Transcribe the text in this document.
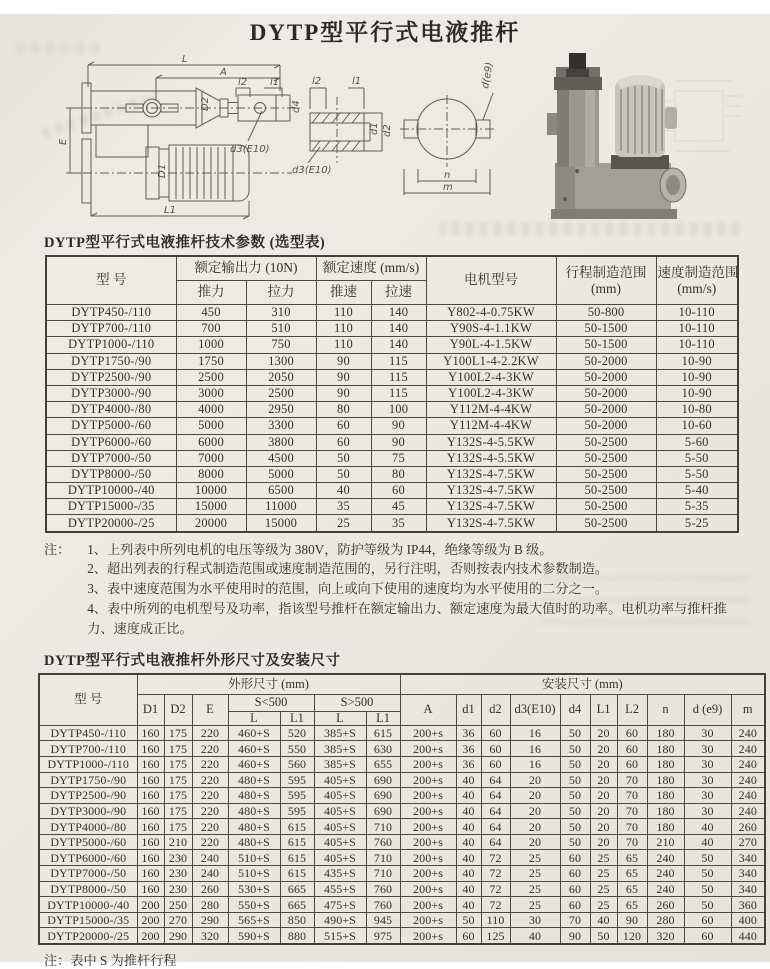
DYTP型平行式电液推杆
L
A
l2 l1
D2	d4
d3(E10)
E
D1
L1
l2	l1
d1 d2
d3(E10)
d(e9)
n
m
DYTP型平行式电液推杆技术参数 (选型表)
型 号	额定输出力 (10N)	额定速度 (mm/s)	电机型号	行程制造范围
(mm)

速度制造范围
(mm/s)

	推力	拉力	推速	拉速			
DYTP450-/110	450	310	110	140	Y802-4-0.75KW	50-800	10-110
DYTP700-/110	700	510	110	140	Y90S-4-1.1KW	50-1500	10-110
DYTP1000-/110	1000	750	110	140	Y90L-4-1.5KW	50-1500	10-110
DYTP1750-/90	1750	1300	90	115	Y100L1-4-2.2KW	50-2000	10-90
DYTP2500-/90	2500	2050	90	115	Y100L2-4-3KW	50-2000	10-90
DYTP3000-/90	3000	2500	90	115	Y100L2-4-3KW	50-2000	10-90
DYTP4000-/80	4000	2950	80	100	Y112M-4-4KW	50-2000	10-80
DYTP5000-/60	5000	3300	60	90	Y112M-4-4KW	50-2000	10-60
DYTP6000-/60	6000	3800	60	90	Y132S-4-5.5KW	50-2500	5-60
DYTP7000-/50	7000	4500	50	75	Y132S-4-5.5KW	50-2500	5-50
DYTP8000-/50	8000	5000	50	80	Y132S-4-7.5KW	50-2500	5-50
DYTP10000-/40	10000	6500	40	60	Y132S-4-7.5KW	50-2500	5-40
DYTP15000-/35	15000	11000	35	45	Y132S-4-7.5KW	50-2500	5-35
DYTP20000-/25	20000	15000	25	35	Y132S-4-7.5KW	50-2500	5-25
注：	1、上列表中所列电机的电压等级为 380V，防护等级为 IP44，绝缘等级为 B 级。
2、超出列表的行程式制造范围或速度制造范围的，另行注明，否则按表内技术参数制造。
3、表中速度范围为水平使用时的范围，向上或向下使用的速度均为水平使用的二分之一。
4、表中所列的电机型号及功率，指该型号推杆在额定输出力、额定速度为最大值时的功率。电机功率与推杆推力、速度成正比。
DYTP型平行式电液推杆外形尺寸及安装尺寸
型 号	外形尺寸 (mm)							安装尺寸 (mm)									
	D1	D2	E	S<500		S>500		A	d1	d2	d3(E10)	d4	L1	L2	n	d (e9)	m
				L	L1	L	L1										
DYTP450-/110	160	175	220	460+S	520	385+S	615	200+s	36	60	16	50	20	60	180	30	240
DYTP700-/110	160	175	220	460+S	550	385+S	630	200+s	36	60	16	50	20	60	180	30	240
DYTP1000-/110	160	175	220	460+S	560	385+S	655	200+s	36	60	16	50	20	60	180	30	240
DYTP1750-/90	160	175	220	480+S	595	405+S	690	200+s	40	64	20	50	20	70	180	30	240
DYTP2500-/90	160	175	220	480+S	595	405+S	690	200+s	40	64	20	50	20	70	180	30	240
DYTP3000-/90	160	175	220	480+S	595	405+S	690	200+s	40	64	20	50	20	70	180	30	240
DYTP4000-/80	160	175	220	480+S	615	405+S	710	200+s	40	64	20	50	20	70	180	40	260
DYTP5000-/60	160	210	220	480+S	615	405+S	760	200+s	40	64	20	50	20	70	210	40	270
DYTP6000-/60	160	230	240	510+S	615	405+S	710	200+s	40	72	25	60	25	65	240	50	340
DYTP7000-/50	160	230	240	510+S	615	435+S	710	200+s	40	72	25	60	25	65	240	50	340
DYTP8000-/50	160	230	260	530+S	665	455+S	760	200+s	40	72	25	60	25	65	240	50	340
DYTP10000-/40	200	250	280	550+S	665	475+S	760	200+s	40	72	25	60	25	65	260	50	360
DYTP15000-/35	200	270	290	565+S	850	490+S	945	200+s	50	110	30	70	40	90	280	60	400
DYTP20000-/25	200	290	320	590+S	880	515+S	975	200+s	60	125	40	90	50	120	320	60	440
注：表中 S 为推杆行程
